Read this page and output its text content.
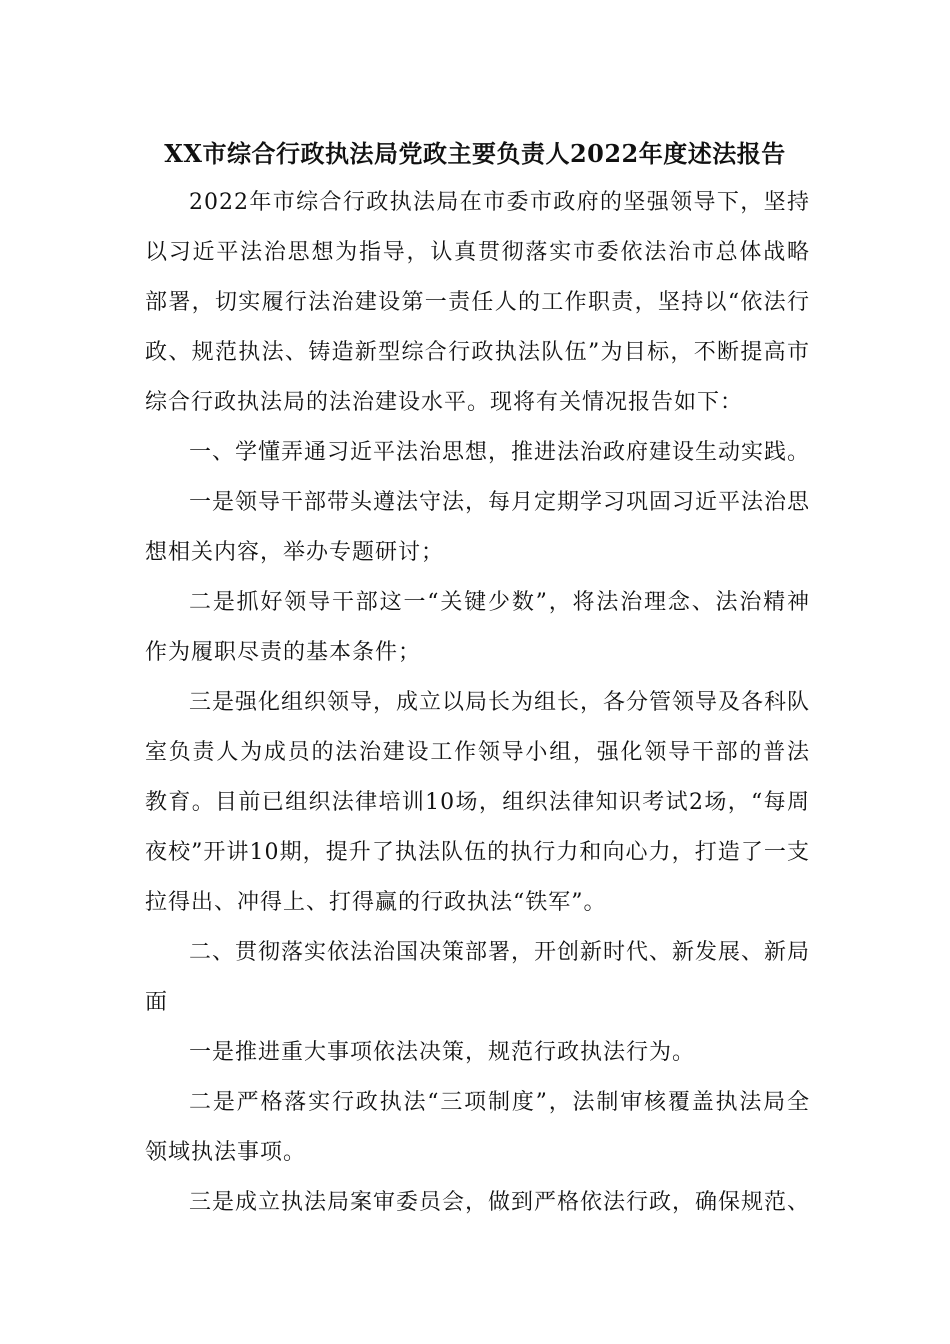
XX市综合行政执法局党政主要负责人2022年度述法报告

2022年市综合行政执法局在市委市政府的坚强领导下，坚持以习近平法治思想为指导，认真贯彻落实市委依法治市总体战略部署，切实履行法治建设第一责任人的工作职责，坚持以“依法行政、规范执法、铸造新型综合行政执法队伍”为目标，不断提高市综合行政执法局的法治建设水平。现将有关情况报告如下：

一、学懂弄通习近平法治思想，推进法治政府建设生动实践。

一是领导干部带头遵法守法，每月定期学习巩固习近平法治思想相关内容，举办专题研讨；

二是抓好领导干部这一“关键少数”，将法治理念、法治精神作为履职尽责的基本条件；

三是强化组织领导，成立以局长为组长，各分管领导及各科队室负责人为成员的法治建设工作领导小组，强化领导干部的普法教育。目前已组织法律培训10场，组织法律知识考试2场，“每周夜校”开讲10期，提升了执法队伍的执行力和向心力，打造了一支拉得出、冲得上、打得赢的行政执法“铁军”。

二、贯彻落实依法治国决策部署，开创新时代、新发展、新局面

一是推进重大事项依法决策，规范行政执法行为。

二是严格落实行政执法“三项制度”，法制审核覆盖执法局全领域执法事项。

三是成立执法局案审委员会，做到严格依法行政，确保规范、
